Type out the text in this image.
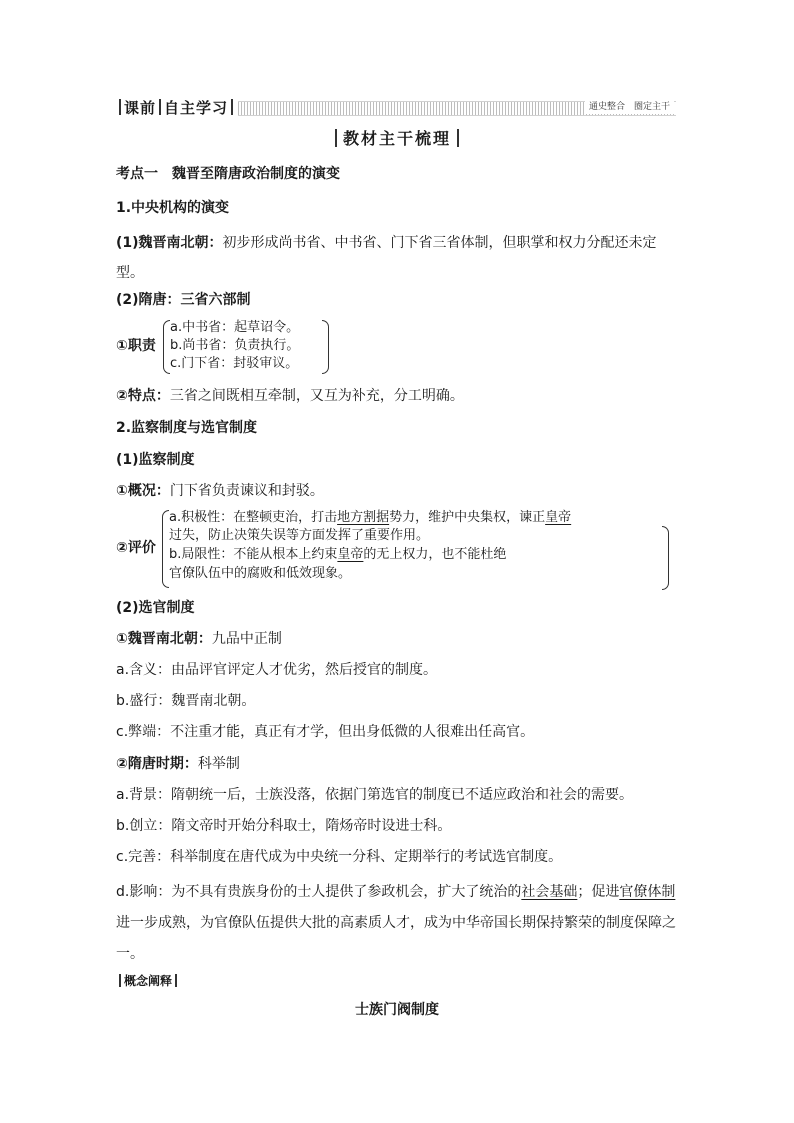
课前 自主学习	通史整合　圈定主干
教材主干梳理
考点一　魏晋至隋唐政治制度的演变
1.中央机构的演变
(1)魏晋南北朝：初步形成尚书省、中书省、门下省三省体制，但职掌和权力分配还未定型。
(2)隋唐：三省六部制
①职责
a.中书省：起草诏令。
b.尚书省：负责执行。
c.门下省：封驳审议。
②特点：三省之间既相互牵制，又互为补充，分工明确。
2.监察制度与选官制度
(1)监察制度
①概况：门下省负责谏议和封驳。
②评价
a.积极性：在整顿吏治，打击地方割据势力，维护中央集权，谏正皇帝
过失，防止决策失误等方面发挥了重要作用。
b.局限性：不能从根本上约束皇帝的无上权力，也不能杜绝
官僚队伍中的腐败和低效现象。
(2)选官制度
①魏晋南北朝：九品中正制
a.含义：由品评官评定人才优劣，然后授官的制度。
b.盛行：魏晋南北朝。
c.弊端：不注重才能，真正有才学，但出身低微的人很难出任高官。
②隋唐时期：科举制
a.背景：隋朝统一后，士族没落，依据门第选官的制度已不适应政治和社会的需要。
b.创立：隋文帝时开始分科取士，隋炀帝时设进士科。
c.完善：科举制度在唐代成为中央统一分科、定期举行的考试选官制度。
d.影响：为不具有贵族身份的士人提供了参政机会，扩大了统治的社会基础；促进官僚体制进一步成熟，为官僚队伍提供大批的高素质人才，成为中华帝国长期保持繁荣的制度保障之一。
概念阐释
士族门阀制度
